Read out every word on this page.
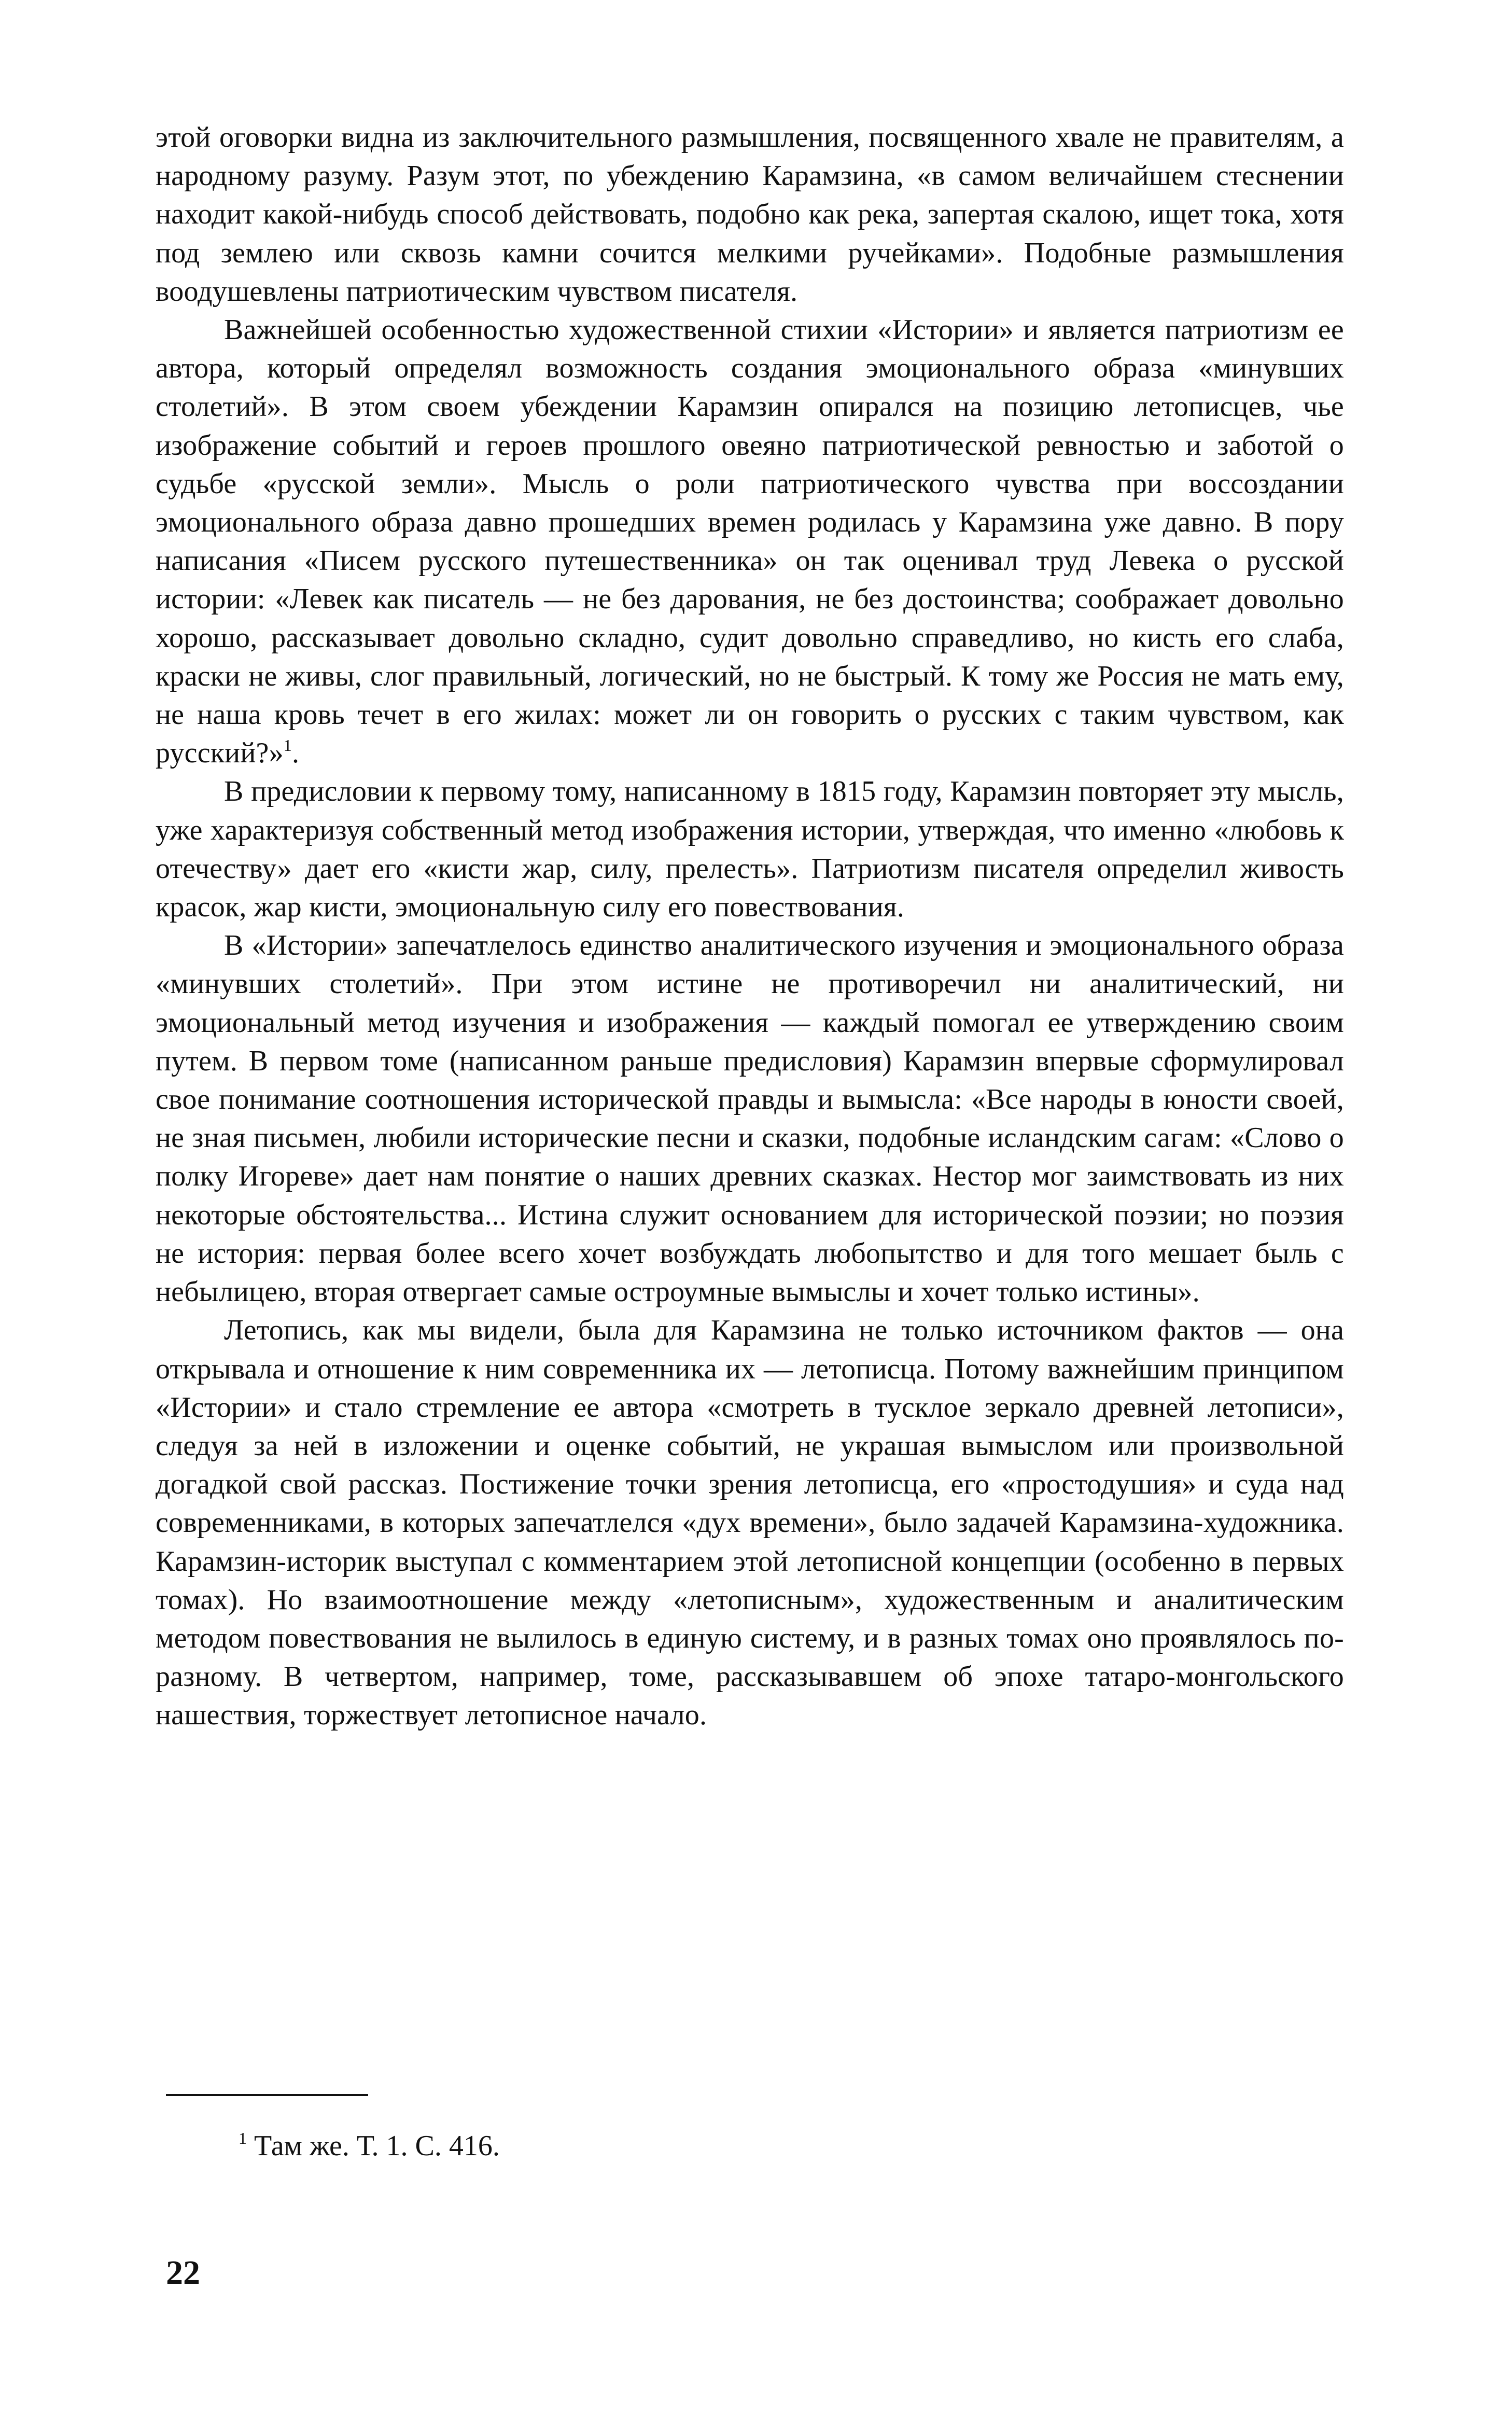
этой оговорки видна из заключительного размышления, посвященного хвале не правителям, а народному разуму. Разум этот, по убеждению Карамзина, «в самом величайшем стеснении находит какой-нибудь способ действовать, подобно как река, запертая скалою, ищет тока, хотя под землею или сквозь камни сочится мелкими ручейками». Подобные размышления воодушевлены патриотическим чувством писателя.

Важнейшей особенностью художественной стихии «Истории» и является патриотизм ее автора, который определял возможность создания эмоционального образа «минувших столетий». В этом своем убеждении Карамзин опирался на позицию летописцев, чье изображение событий и героев прошлого овеяно патриотической ревностью и заботой о судьбе «русской земли». Мысль о роли патриотического чувства при воссоздании эмоционального образа давно прошедших времен родилась у Карамзина уже давно. В пору написания «Писем русского путешественника» он так оценивал труд Левека о русской истории: «Левек как писатель — не без дарования, не без достоинства; соображает довольно хорошо, рассказывает довольно складно, судит довольно справедливо, но кисть его слаба, краски не живы, слог правильный, логический, но не быстрый. К тому же Россия не мать ему, не наша кровь течет в его жилах: может ли он говорить о русских с таким чувством, как русский?»$^1$.

В предисловии к первому тому, написанному в 1815 году, Карамзин повторяет эту мысль, уже характеризуя собственный метод изображения истории, утверждая, что именно «любовь к отечеству» дает его «кисти жар, силу, прелесть». Патриотизм писателя определил живость красок, жар кисти, эмоциональную силу его повествования.

В «Истории» запечатлелось единство аналитического изучения и эмоционального образа «минувших столетий». При этом истине не противоречил ни аналитический, ни эмоциональный метод изучения и изображения — каждый помогал ее утверждению своим путем. В первом томе (написанном раньше предисловия) Карамзин впервые сформулировал свое понимание соотношения исторической правды и вымысла: «Все народы в юности своей, не зная письмен, любили исторические песни и сказки, подобные исландским сагам: «Слово о полку Игореве» дает нам понятие о наших древних сказках. Нестор мог заимствовать из них некоторые обстоятельства... Истина служит основанием для исторической поэзии; но поэзия не история: первая более всего хочет возбуждать любопытство и для того мешает быль с небылицею, вторая отвергает самые остроумные вымыслы и хочет только истины».

Летопись, как мы видели, была для Карамзина не только источником фактов — она открывала и отношение к ним современника их — летописца. Потому важнейшим принципом «Истории» и стало стремление ее автора «смотреть в тусклое зеркало древней летописи», следуя за ней в изложении и оценке событий, не украшая вымыслом или произвольной догадкой свой рассказ. Постижение точки зрения летописца, его «простодушия» и суда над современниками, в которых запечатлелся «дух времени», было задачей Карамзина-художника. Карамзин-историк выступал с комментарием этой летописной концепции (особенно в первых томах). Но взаимоотношение между «летописным», художественным и аналитическим методом повествования не вылилось в единую систему, и в разных томах оно проявлялось по-разному. В четвертом, например, томе, рассказывавшем об эпохе татаро-монгольского нашествия, торжествует летописное начало.

$^1$ Там же. Т. 1. С. 416.
22
